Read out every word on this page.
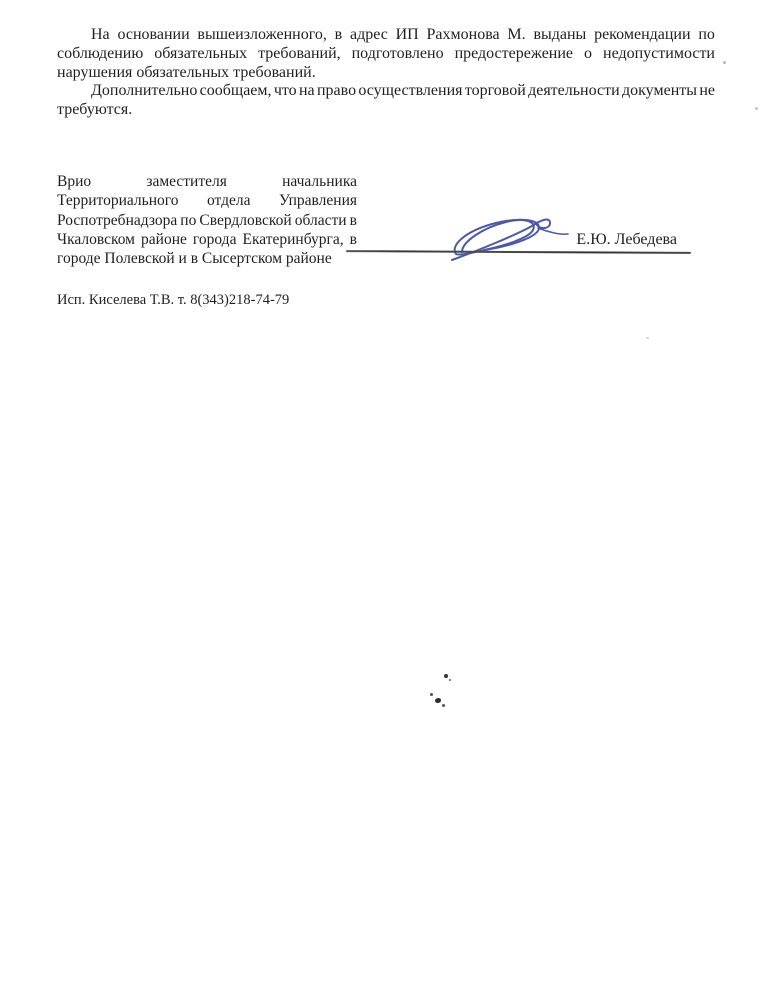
На основании вышеизложенного, в адрес ИП Рахмонова М. выданы рекомендации по
соблюдению обязательных требований, подготовлено предостережение о недопустимости
нарушения обязательных требований.
Дополнительно сообщаем, что на право осуществления торговой деятельности документы не
требуются.
Врио	заместителя	начальника
Территориального отдела Управления
Роспотребнадзора по Свердловской области в
Чкаловском районе города Екатеринбурга, в
городе Полевской и в Сысертском районе
Е.Ю. Лебедева
Исп. Киселева Т.В. т. 8(343)218-74-79
